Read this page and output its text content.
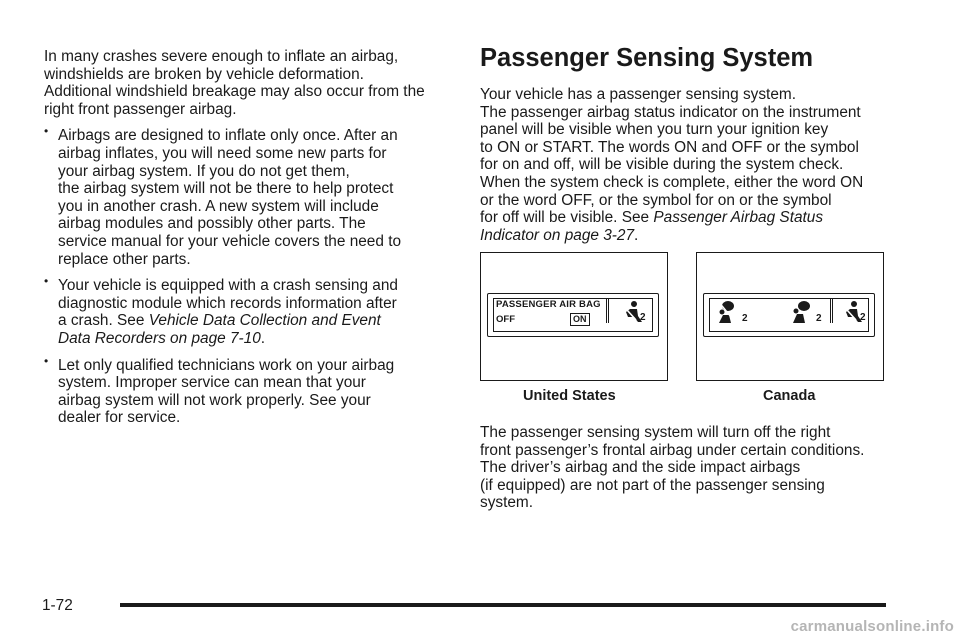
In many crashes severe enough to inflate an airbag,
windshields are broken by vehicle deformation.
Additional windshield breakage may also occur from the
right front passenger airbag.

• Airbags are designed to inflate only once. After an
airbag inflates, you will need some new parts for
your airbag system. If you do not get them,
the airbag system will not be there to help protect
you in another crash. A new system will include
airbag modules and possibly other parts. The
service manual for your vehicle covers the need to
replace other parts.
• Your vehicle is equipped with a crash sensing and
diagnostic module which records information after
a crash. See Vehicle Data Collection and Event
Data Recorders on page 7-10.
• Let only qualified technicians work on your airbag
system. Improper service can mean that your
airbag system will not work properly. See your
dealer for service.
Passenger Sensing System
Your vehicle has a passenger sensing system.
The passenger airbag status indicator on the instrument
panel will be visible when you turn your ignition key
to ON or START. The words ON and OFF or the symbol
for on and off, will be visible during the system check.
When the system check is complete, either the word ON
or the word OFF, or the symbol for on or the symbol
for off will be visible. See Passenger Airbag Status
Indicator on page 3-27.
PASSENGER AIR BAG
OFF	ON	2	2	2	2
United States	Canada

The passenger sensing system will turn off the right
front passenger’s frontal airbag under certain conditions.
The driver’s airbag and the side impact airbags
(if equipped) are not part of the passenger sensing
system.

1-72
carmanualsonline.info
